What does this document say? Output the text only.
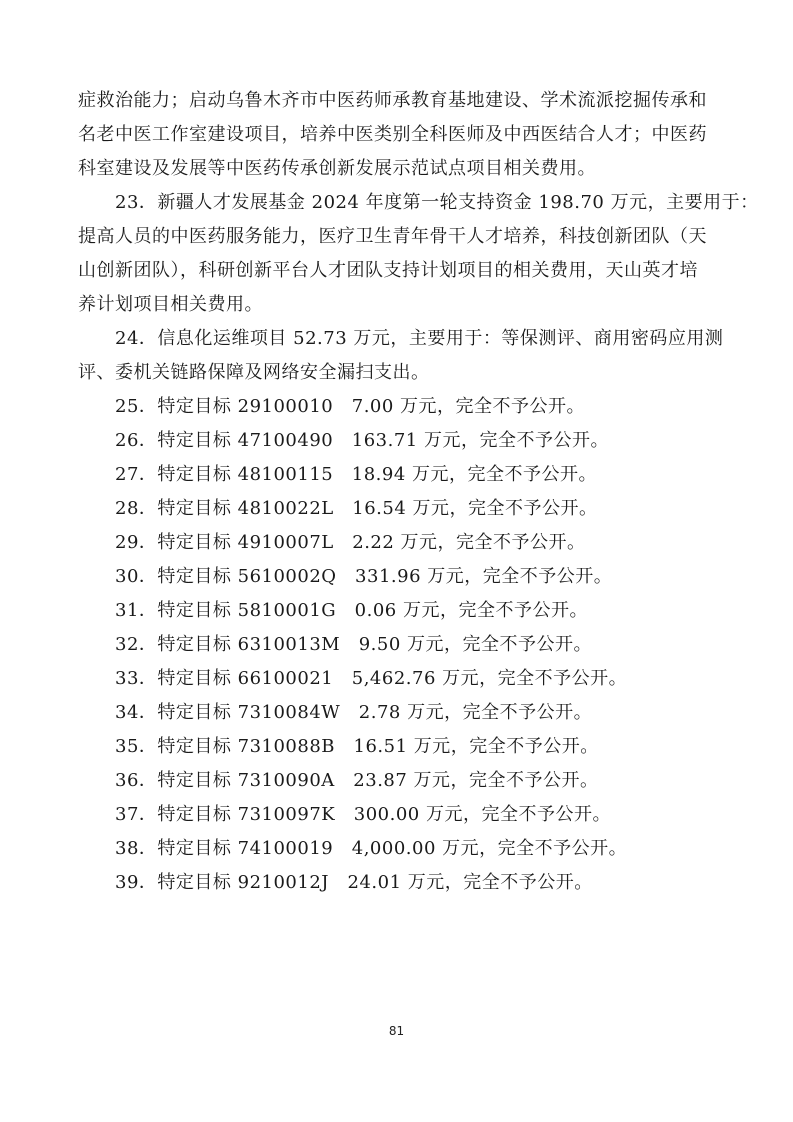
症救治能力；启动乌鲁木齐市中医药师承教育基地建设、学术流派挖掘传承和
名老中医工作室建设项目，培养中医类别全科医师及中西医结合人才；中医药
科室建设及发展等中医药传承创新发展示范试点项目相关费用。

23．新疆人才发展基金 2024 年度第一轮支持资金 198.70 万元，主要用于：
提高人员的中医药服务能力，医疗卫生青年骨干人才培养，科技创新团队（天
山创新团队），科研创新平台人才团队支持计划项目的相关费用，天山英才培
养计划项目相关费用。

24．信息化运维项目 52.73 万元，主要用于：等保测评、商用密码应用测
评、委机关链路保障及网络安全漏扫支出。

25．特定目标 29100010　7.00 万元，完全不予公开。
26．特定目标 47100490　163.71 万元，完全不予公开。
27．特定目标 48100115　18.94 万元，完全不予公开。
28．特定目标 4810022L　16.54 万元，完全不予公开。
29．特定目标 4910007L　2.22 万元，完全不予公开。
30．特定目标 5610002Q　331.96 万元，完全不予公开。
31．特定目标 5810001G　0.06 万元，完全不予公开。
32．特定目标 6310013M　9.50 万元，完全不予公开。
33．特定目标 66100021　5,462.76 万元，完全不予公开。
34．特定目标 7310084W　2.78 万元，完全不予公开。
35．特定目标 7310088B　16.51 万元，完全不予公开。
36．特定目标 7310090A　23.87 万元，完全不予公开。
37．特定目标 7310097K　300.00 万元，完全不予公开。
38．特定目标 74100019　4,000.00 万元，完全不予公开。
39．特定目标 9210012J　24.01 万元，完全不予公开。
81
